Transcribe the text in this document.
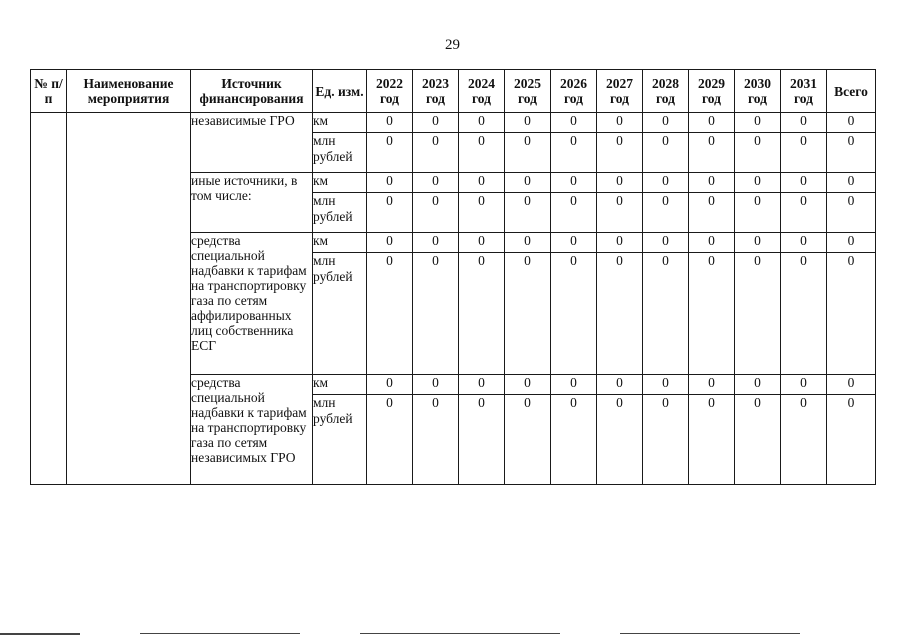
29
№ п/п	Наименование мероприятия	Источник финансирования	Ед. изм.	2022 год	2023 год	2024 год	2025 год	2026 год	2027 год	2028 год	2029 год	2030 год	2031 год	Всего
		независимые ГРО	км	0	0	0	0	0	0	0	0	0	0	0
			млн рублей	0	0	0	0	0	0	0	0	0	0	0
		иные источники, в том числе:	км	0	0	0	0	0	0	0	0	0	0	0
			млн рублей	0	0	0	0	0	0	0	0	0	0	0
		средства специальной надбавки к тарифам на транспортировку газа по сетям аффилированных лиц собственника ЕСГ	км	0	0	0	0	0	0	0	0	0	0	0
			млн рублей	0	0	0	0	0	0	0	0	0	0	0
		средства специальной надбавки к тарифам на транспортировку газа по сетям независимых ГРО	км	0	0	0	0	0	0	0	0	0	0	0
			млн рублей	0	0	0	0	0	0	0	0	0	0	0
